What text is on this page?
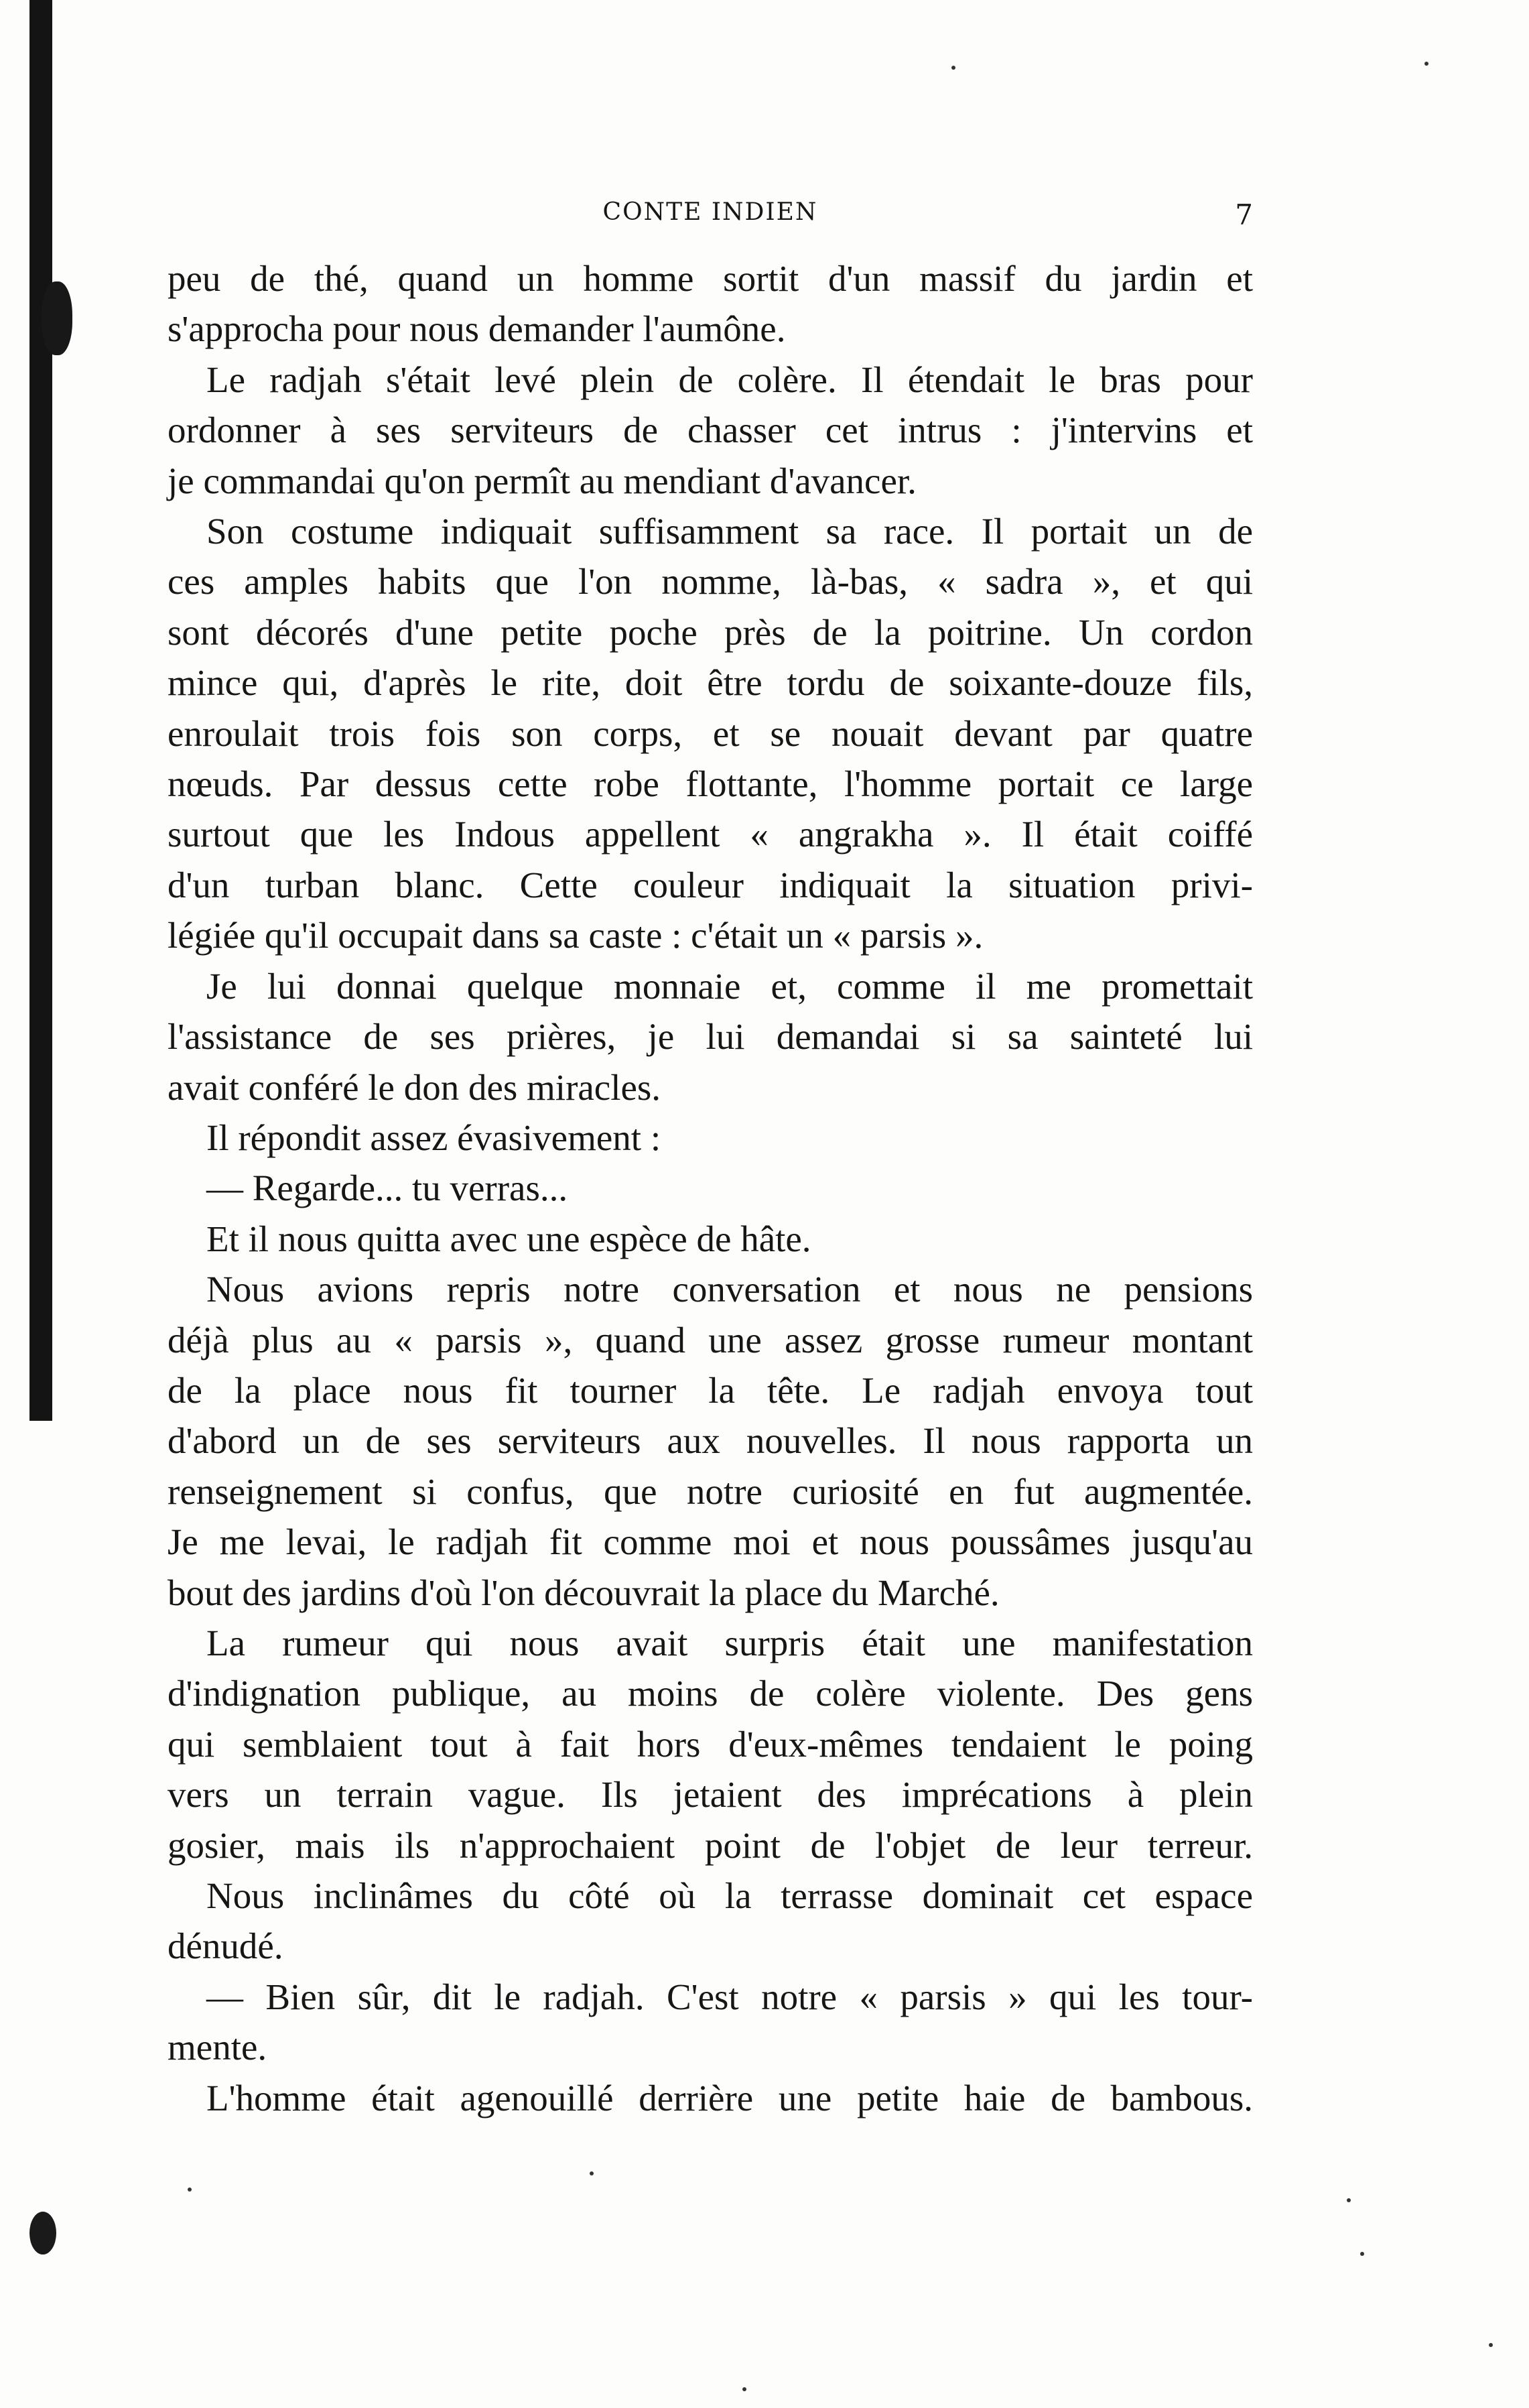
CONTE INDIEN	7
peu de thé, quand un homme sortit d'un massif du jardin et
s'approcha pour nous demander l'aumône.
Le radjah s'était levé plein de colère. Il étendait le bras pour
ordonner à ses serviteurs de chasser cet intrus : j'intervins et
je commandai qu'on permît au mendiant d'avancer.
Son costume indiquait suffisamment sa race. Il portait un de
ces amples habits que l'on nomme, là-bas, « sadra », et qui
sont décorés d'une petite poche près de la poitrine. Un cordon
mince qui, d'après le rite, doit être tordu de soixante-douze fils,
enroulait trois fois son corps, et se nouait devant par quatre
nœuds. Par dessus cette robe flottante, l'homme portait ce large
surtout que les Indous appellent « angrakha ». Il était coiffé
d'un turban blanc. Cette couleur indiquait la situation privi-
légiée qu'il occupait dans sa caste : c'était un « parsis ».
Je lui donnai quelque monnaie et, comme il me promettait
l'assistance de ses prières, je lui demandai si sa sainteté lui
avait conféré le don des miracles.
Il répondit assez évasivement :
— Regarde... tu verras...
Et il nous quitta avec une espèce de hâte.
Nous avions repris notre conversation et nous ne pensions
déjà plus au « parsis », quand une assez grosse rumeur montant
de la place nous fit tourner la tête. Le radjah envoya tout
d'abord un de ses serviteurs aux nouvelles. Il nous rapporta un
renseignement si confus, que notre curiosité en fut augmentée.
Je me levai, le radjah fit comme moi et nous poussâmes jusqu'au
bout des jardins d'où l'on découvrait la place du Marché.
La rumeur qui nous avait surpris était une manifestation
d'indignation publique, au moins de colère violente. Des gens
qui semblaient tout à fait hors d'eux-mêmes tendaient le poing
vers un terrain vague. Ils jetaient des imprécations à plein
gosier, mais ils n'approchaient point de l'objet de leur terreur.
Nous inclinâmes du côté où la terrasse dominait cet espace
dénudé.
— Bien sûr, dit le radjah. C'est notre « parsis » qui les tour-
mente.
L'homme était agenouillé derrière une petite haie de bambous.
